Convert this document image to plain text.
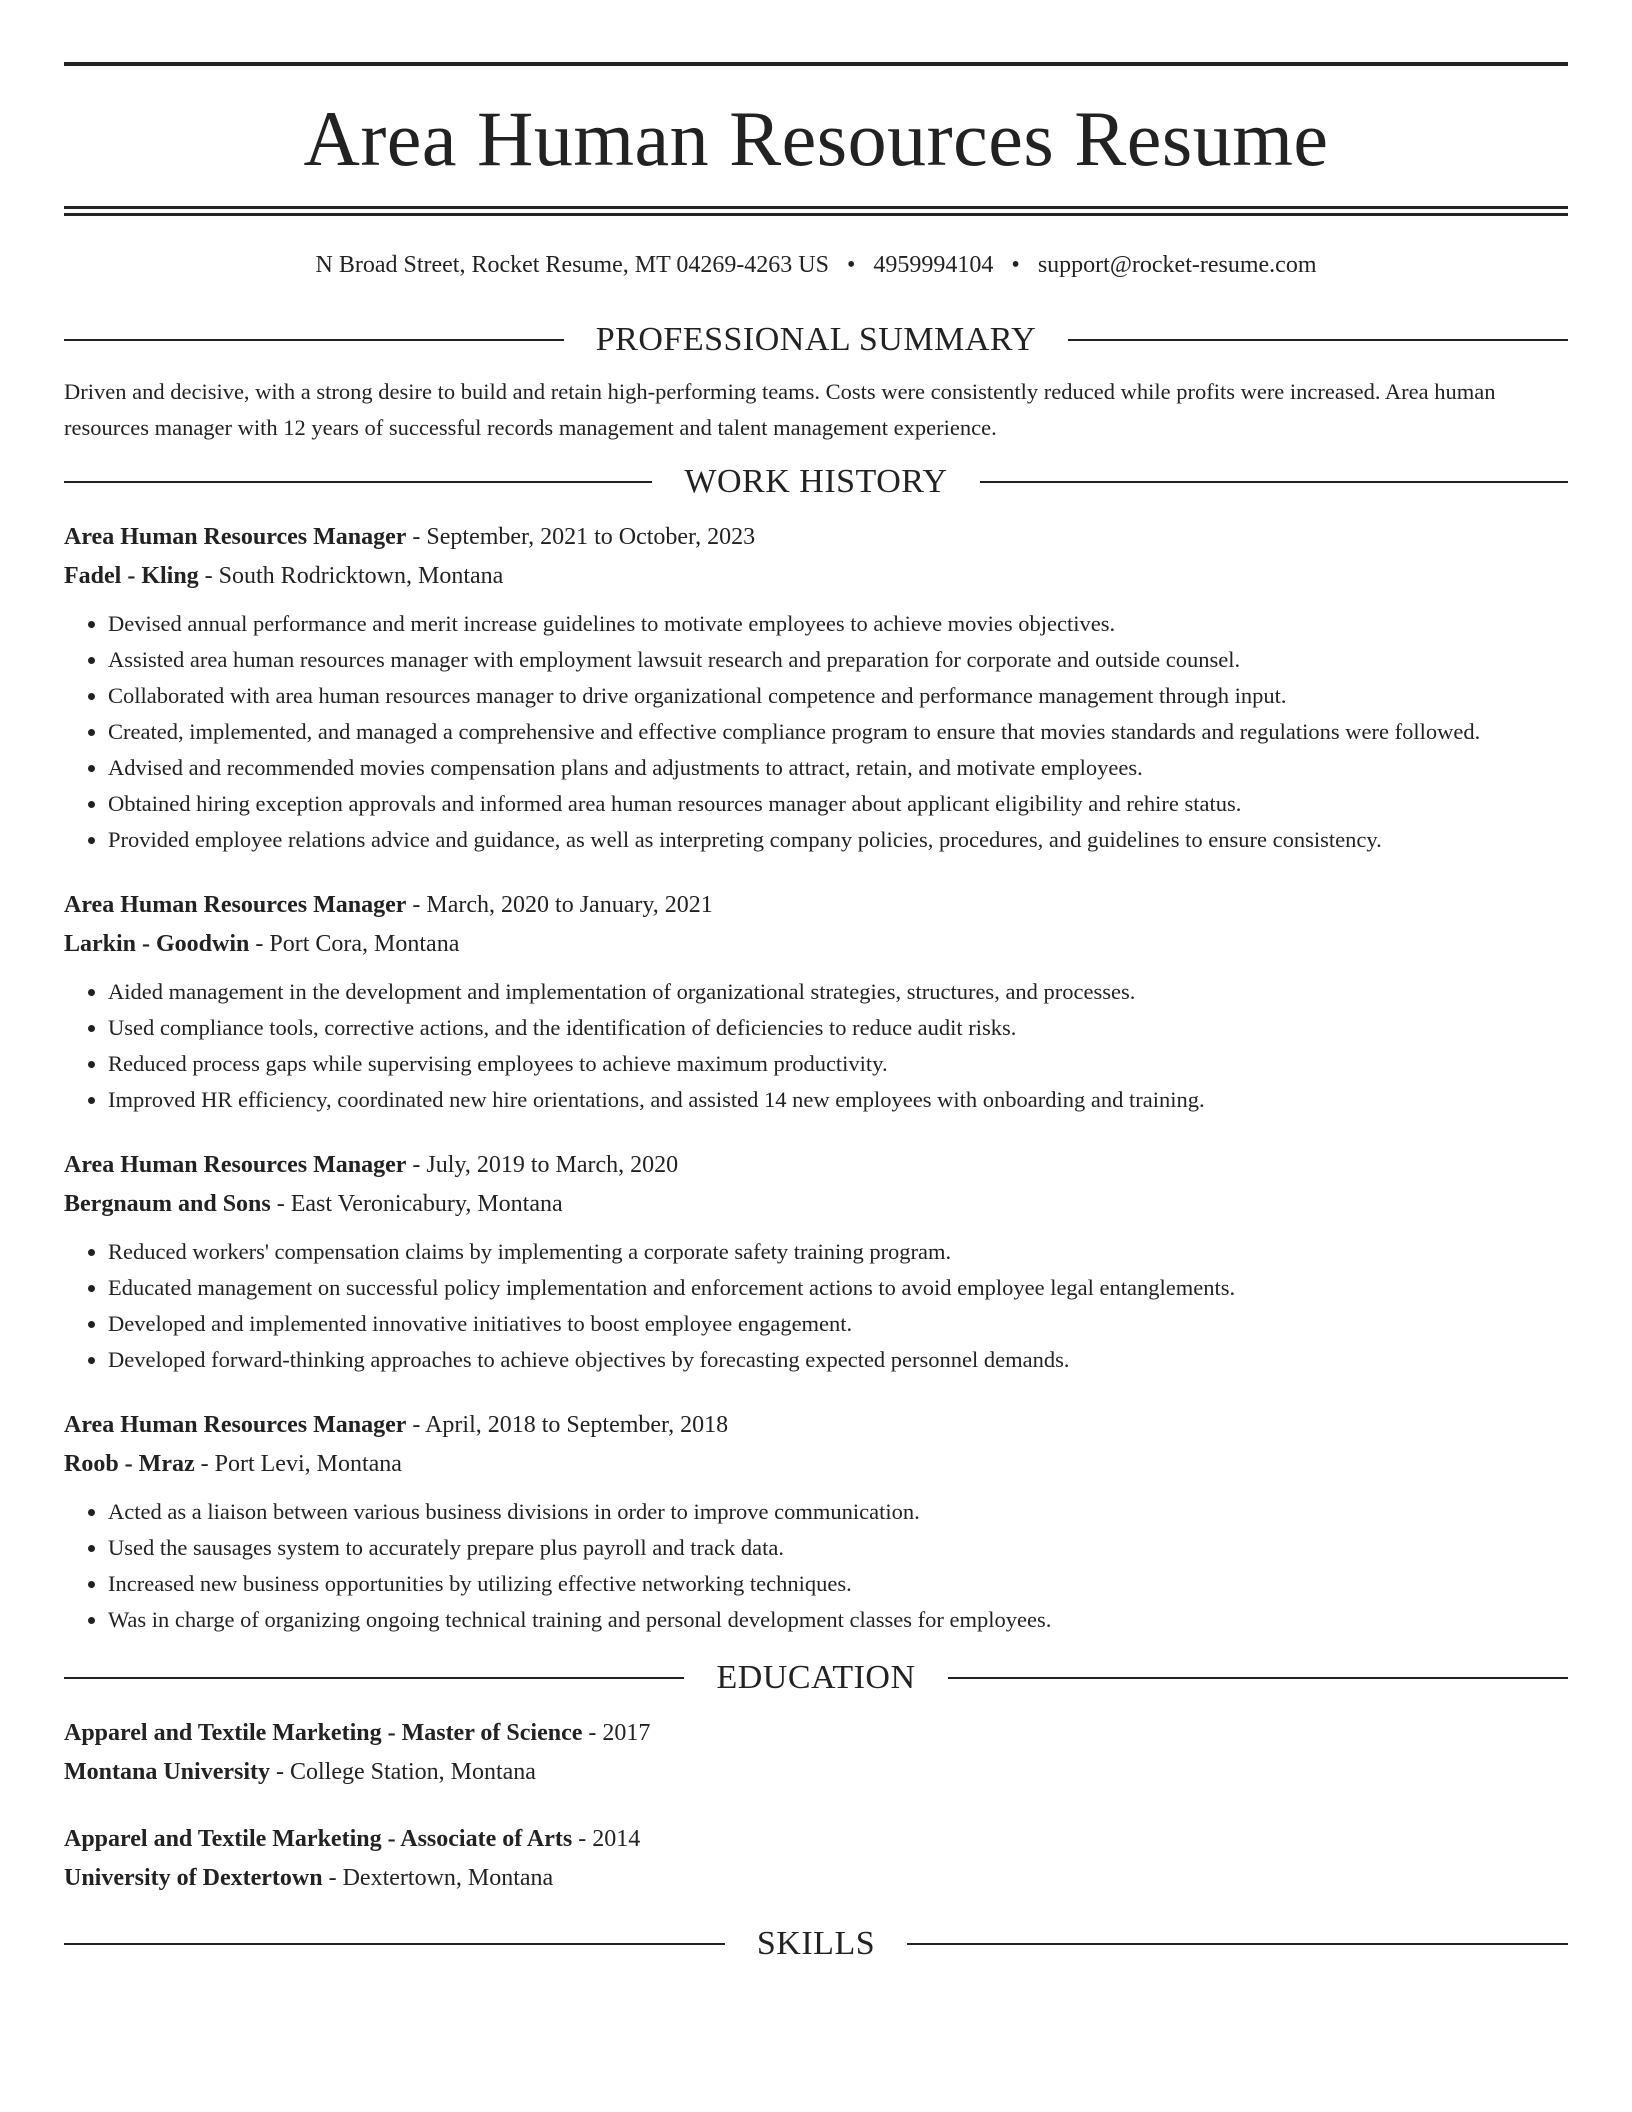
Area Human Resources Resume
N Broad Street, Rocket Resume, MT 04269-4263 US • 4959994104 • support@rocket-resume.com
PROFESSIONAL SUMMARY

Driven and decisive, with a strong desire to build and retain high-performing teams. Costs were consistently reduced while profits were increased. Area human resources manager with 12 years of successful records management and talent management experience.

WORK HISTORY

Area Human Resources Manager - September, 2021 to October, 2023

Fadel - Kling - South Rodricktown, Montana

• Devised annual performance and merit increase guidelines to motivate employees to achieve movies objectives.
• Assisted area human resources manager with employment lawsuit research and preparation for corporate and outside counsel.
• Collaborated with area human resources manager to drive organizational competence and performance management through input.
• Created, implemented, and managed a comprehensive and effective compliance program to ensure that movies standards and regulations were followed.
• Advised and recommended movies compensation plans and adjustments to attract, retain, and motivate employees.
• Obtained hiring exception approvals and informed area human resources manager about applicant eligibility and rehire status.
• Provided employee relations advice and guidance, as well as interpreting company policies, procedures, and guidelines to ensure consistency.

Area Human Resources Manager - March, 2020 to January, 2021

Larkin - Goodwin - Port Cora, Montana

• Aided management in the development and implementation of organizational strategies, structures, and processes.
• Used compliance tools, corrective actions, and the identification of deficiencies to reduce audit risks.
• Reduced process gaps while supervising employees to achieve maximum productivity.
• Improved HR efficiency, coordinated new hire orientations, and assisted 14 new employees with onboarding and training.

Area Human Resources Manager - July, 2019 to March, 2020

Bergnaum and Sons - East Veronicabury, Montana

• Reduced workers' compensation claims by implementing a corporate safety training program.
• Educated management on successful policy implementation and enforcement actions to avoid employee legal entanglements.
• Developed and implemented innovative initiatives to boost employee engagement.
• Developed forward-thinking approaches to achieve objectives by forecasting expected personnel demands.

Area Human Resources Manager - April, 2018 to September, 2018

Roob - Mraz - Port Levi, Montana

• Acted as a liaison between various business divisions in order to improve communication.
• Used the sausages system to accurately prepare plus payroll and track data.
• Increased new business opportunities by utilizing effective networking techniques.
• Was in charge of organizing ongoing technical training and personal development classes for employees.
EDUCATION

Apparel and Textile Marketing - Master of Science - 2017

Montana University - College Station, Montana

Apparel and Textile Marketing - Associate of Arts - 2014

University of Dextertown - Dextertown, Montana

SKILLS
